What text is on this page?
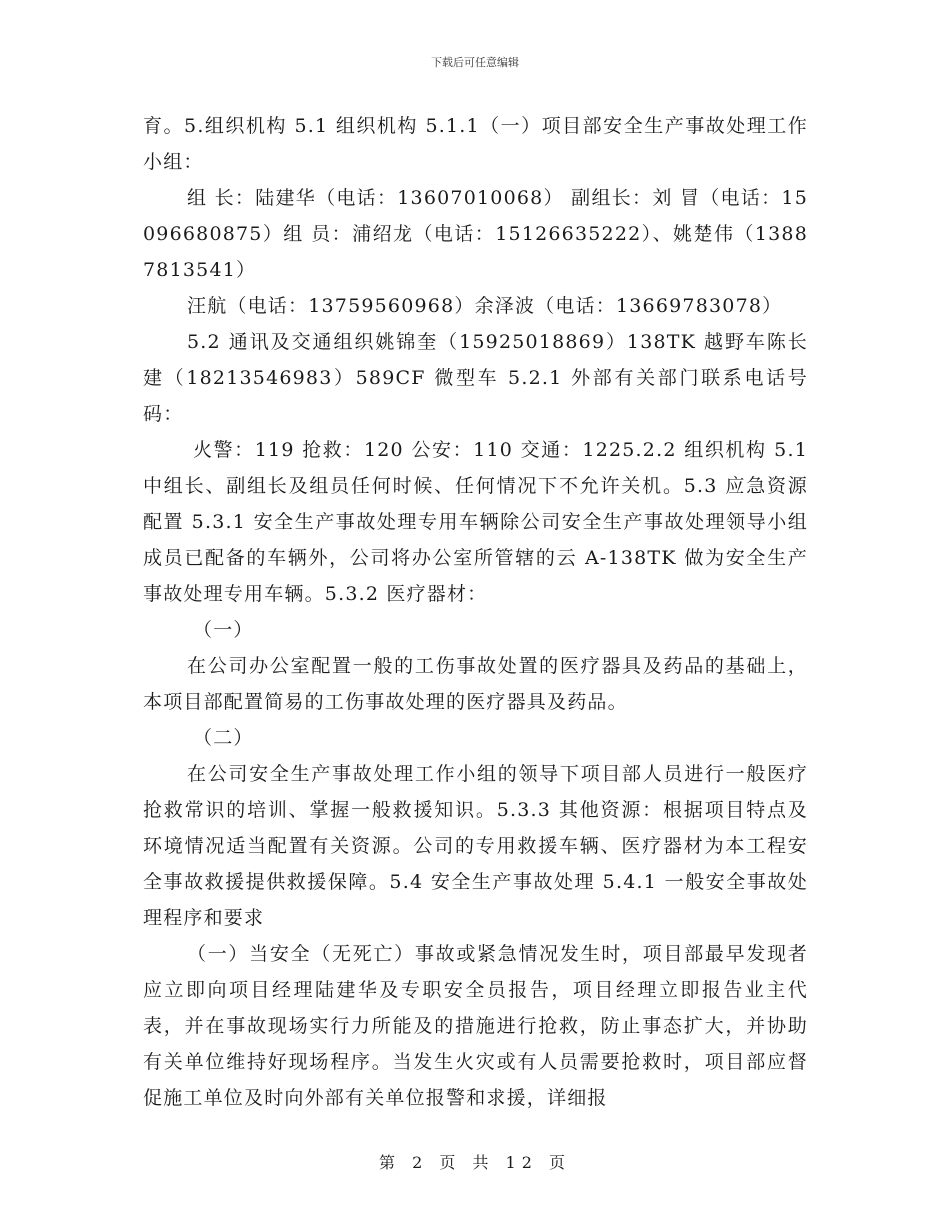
下载后可任意编辑

育。5.组织机构 5.1 组织机构 5.1.1（一）项目部安全生产事故处理工作小组：

组 长：陆建华（电话：13607010068） 副组长：刘 冒（电话：15096680875）组 员：浦绍龙（电话：15126635222）、姚楚伟（13887813541）

汪航（电话：13759560968）余泽波（电话：13669783078）

5.2 通讯及交通组织姚锦奎（15925018869）138TK 越野车陈长建（18213546983）589CF 微型车 5.2.1 外部有关部门联系电话号码：

火警：119 抢救：120 公安：110 交通：1225.2.2 组织机构 5.1 中组长、副组长及组员任何时候、任何情况下不允许关机。5.3 应急资源配置 5.3.1 安全生产事故处理专用车辆除公司安全生产事故处理领导小组成员已配备的车辆外，公司将办公室所管辖的云 A-138TK 做为安全生产事故处理专用车辆。5.3.2 医疗器材：

（一）

在公司办公室配置一般的工伤事故处置的医疗器具及药品的基础上，本项目部配置简易的工伤事故处理的医疗器具及药品。

（二）

在公司安全生产事故处理工作小组的领导下项目部人员进行一般医疗抢救常识的培训、掌握一般救援知识。5.3.3 其他资源：根据项目特点及环境情况适当配置有关资源。公司的专用救援车辆、医疗器材为本工程安全事故救援提供救援保障。5.4 安全生产事故处理 5.4.1 一般安全事故处理程序和要求

（一）当安全（无死亡）事故或紧急情况发生时，项目部最早发现者应立即向项目经理陆建华及专职安全员报告，项目经理立即报告业主代表，并在事故现场实行力所能及的措施进行抢救，防止事态扩大，并协助有关单位维持好现场程序。当发生火灾或有人员需要抢救时，项目部应督促施工单位及时向外部有关单位报警和求援，详细报

第 2 页 共 12 页
